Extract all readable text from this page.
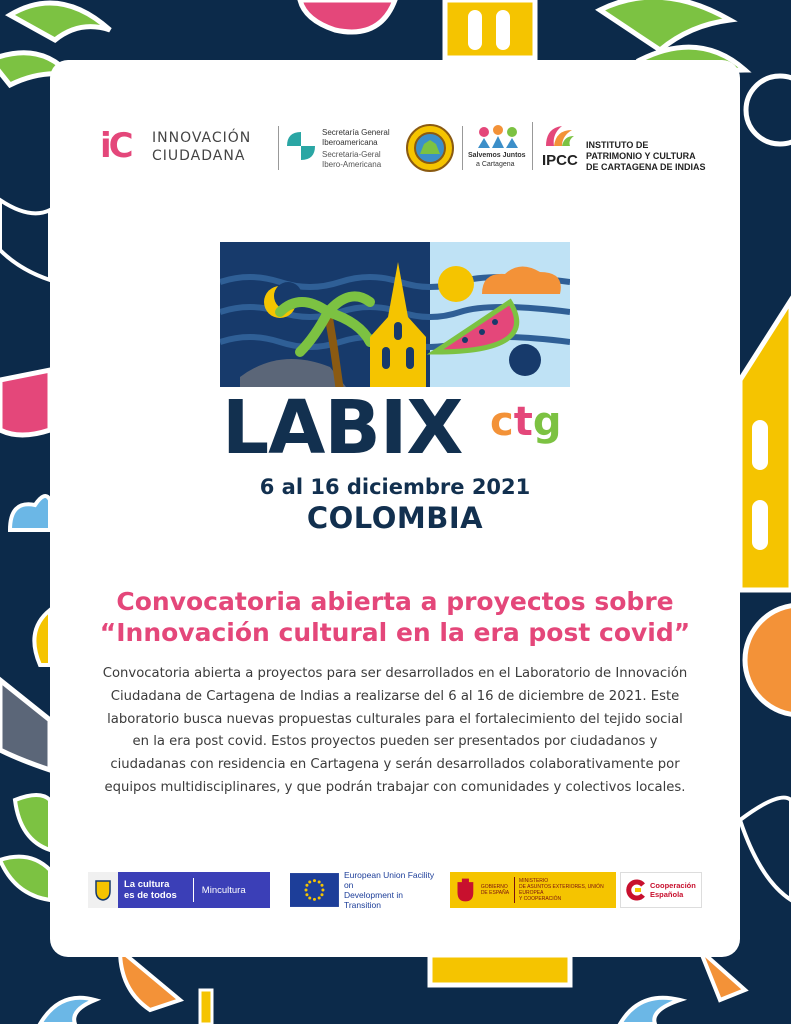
iC INNOVACIÓN
CIUDADANA
Secretaría General
Iberoamericana
Secretaria-Geral
Ibero-Americana
Salvemos Juntos
a Cartagena IPCC
INSTITUTO DE
PATRIMONIO Y CULTURA
DE CARTAGENA DE INDIAS
LABIX ctg
6 al 16 diciembre 2021
COLOMBIA
Convocatoria abierta a proyectos sobre
“Innovación cultural en la era post covid”

Convocatoria abierta a proyectos para ser desarrollados en el Laboratorio de Innovación Ciudadana de Cartagena de Indias a realizarse del 6 al 16 de diciembre de 2021. Este laboratorio busca nuevas propuestas culturales para el fortalecimiento del tejido social en la era post covid. Estos proyectos pueden ser presentados por ciudadanos y ciudadanas con residencia en Cartagena y serán desarrollados colaborativamente por equipos multidisciplinares, y que podrán trabajar con comunidades y colectivos locales.

La cultura
es de todos	Mincultura
European Union Facility on
Development in Transition
GOBIERNO
DE ESPAÑA
MINISTERIO
DE ASUNTOS EXTERIORES, UNIÓN EUROPEA
Y COOPERACIÓN
Cooperación
Española
